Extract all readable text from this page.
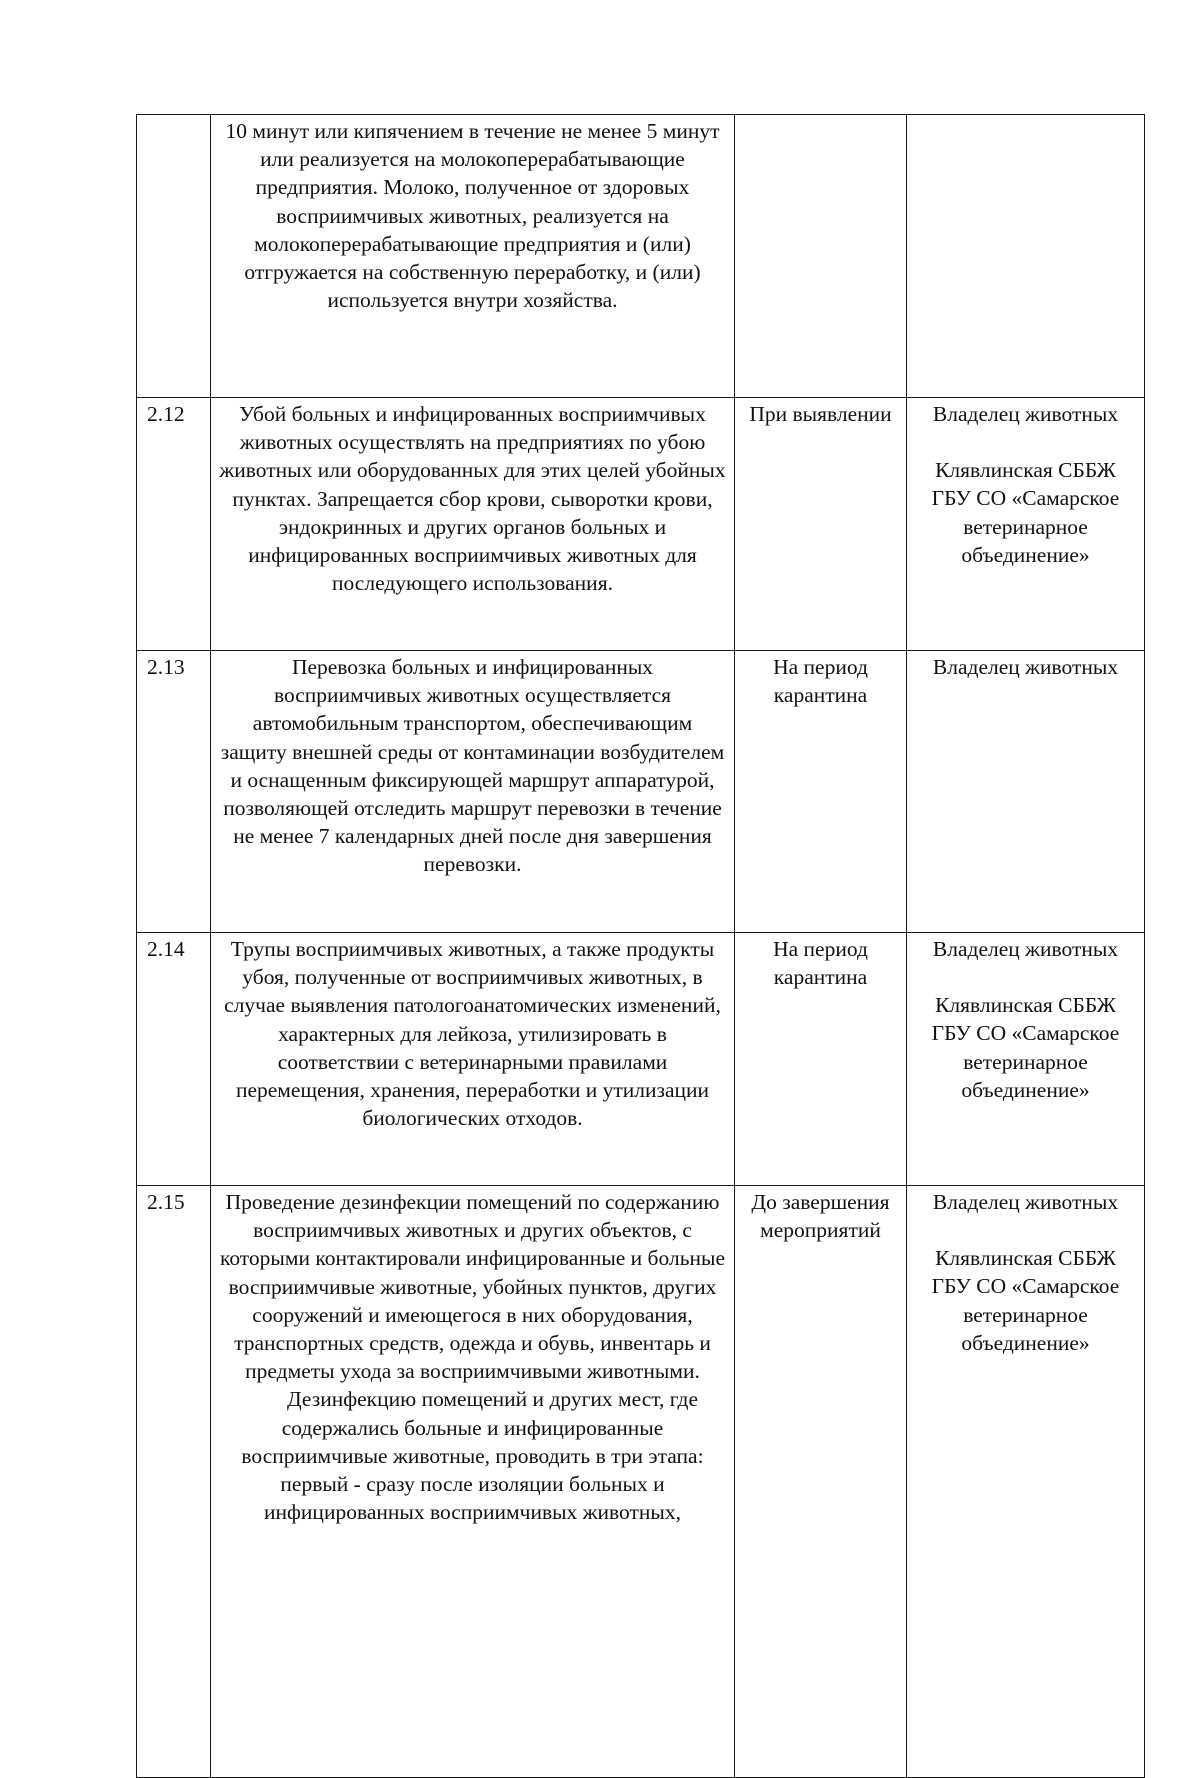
	10 минут или кипячением в течение не менее 5 минут или реализуется на молокоперерабатывающие предприятия. Молоко, полученное от здоровых восприимчивых животных, реализуется на молокоперерабатывающие предприятия и (или) отгружается на собственную переработку, и (или) используется внутри хозяйства.		

2.12	Убой больных и инфицированных восприимчивых животных осуществлять на предприятиях по убою животных или оборудованных для этих целей убойных пунктах. Запрещается сбор крови, сыворотки крови, эндокринных и других органов больных и инфицированных восприимчивых животных для последующего использования.	При выявлении	Владелец животных
Клявлинская СББЖ ГБУ СО «Самарское ветеринарное объединение»

2.13	Перевозка больных и инфицированных восприимчивых животных осуществляется автомобильным транспортом, обеспечивающим защиту внешней среды от контаминации возбудителем и оснащенным фиксирующей маршрут аппаратурой, позволяющей отследить маршрут перевозки в течение не менее 7 календарных дней после дня завершения перевозки.	На период карантина	Владелец животных

2.14	Трупы восприимчивых животных, а также продукты убоя, полученные от восприимчивых животных, в случае выявления патологоанатомических изменений, характерных для лейкоза, утилизировать в соответствии с ветеринарными правилами перемещения, хранения, переработки и утилизации биологических отходов.	На период карантина	Владелец животных
Клявлинская СББЖ ГБУ СО «Самарское ветеринарное объединение»

2.15	Проведение дезинфекции помещений по содержанию восприимчивых животных и других объектов, с которыми контактировали инфицированные и больные восприимчивые животные, убойных пунктов, других сооружений и имеющегося в них оборудования, транспортных средств, одежда и обувь, инвентарь и предметы ухода за восприимчивыми животными.
Дезинфекцию помещений и других мест, где содержались больные и инфицированные восприимчивые животные, проводить в три этапа: первый - сразу после изоляции больных и инфицированных восприимчивых животных,	До завершения мероприятий	Владелец животных
Клявлинская СББЖ ГБУ СО «Самарское ветеринарное объединение»
